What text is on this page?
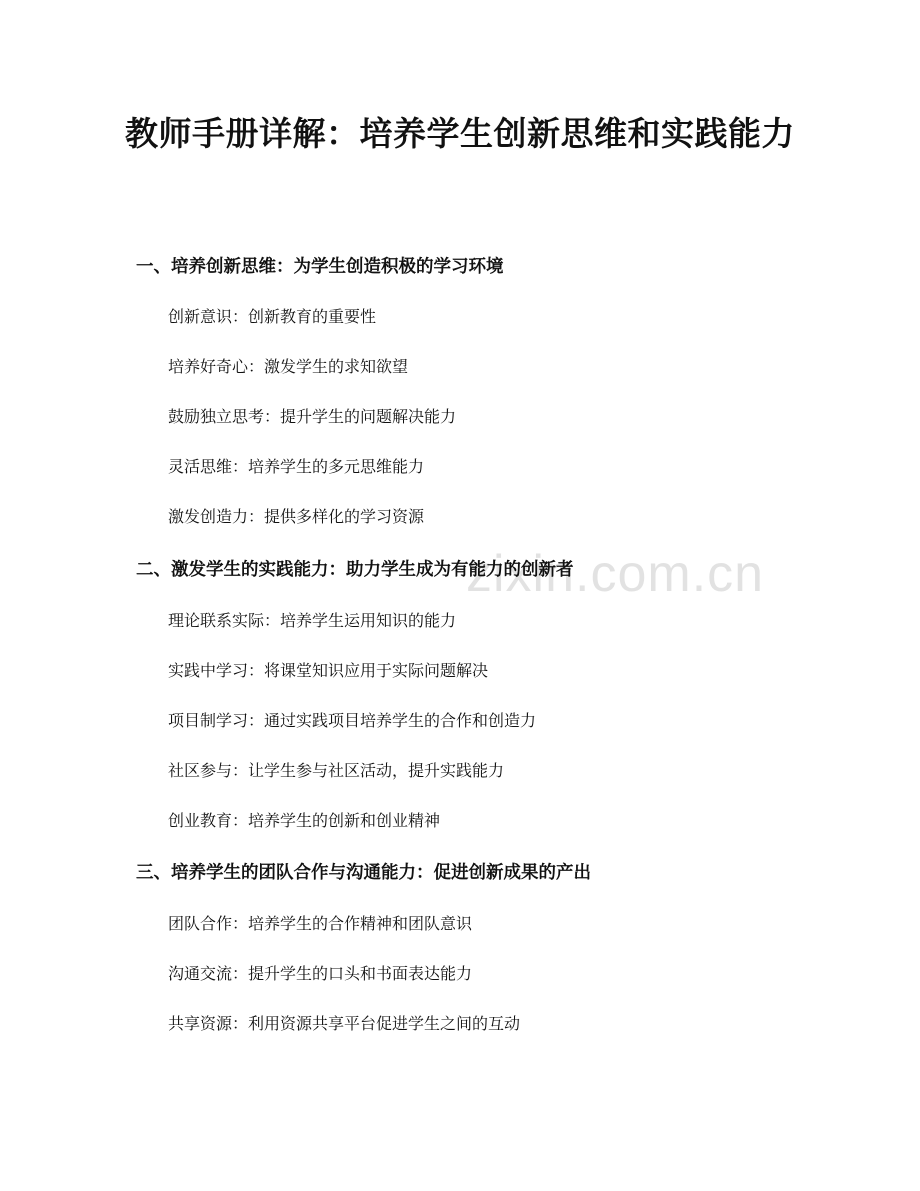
教师手册详解：培养学生创新思维和实践能力
一、培养创新思维：为学生创造积极的学习环境

创新意识：创新教育的重要性

培养好奇心：激发学生的求知欲望

鼓励独立思考：提升学生的问题解决能力

灵活思维：培养学生的多元思维能力

激发创造力：提供多样化的学习资源

二、激发学生的实践能力：助力学生成为有能力的创新者

理论联系实际：培养学生运用知识的能力

实践中学习：将课堂知识应用于实际问题解决

项目制学习：通过实践项目培养学生的合作和创造力

社区参与：让学生参与社区活动，提升实践能力

创业教育：培养学生的创新和创业精神

三、培养学生的团队合作与沟通能力：促进创新成果的产出

团队合作：培养学生的合作精神和团队意识

沟通交流：提升学生的口头和书面表达能力

共享资源：利用资源共享平台促进学生之间的互动

zixin.com.cn
